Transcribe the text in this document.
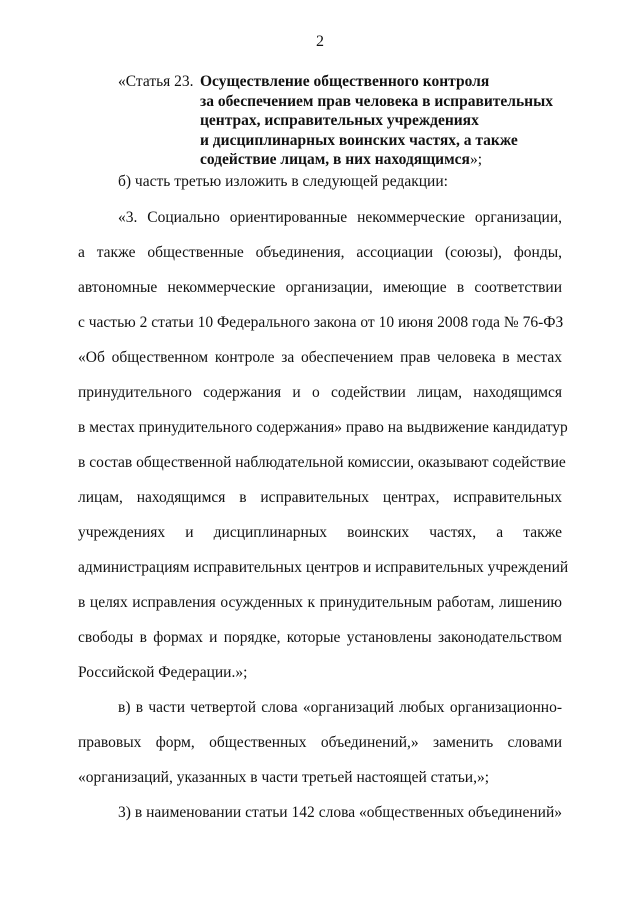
2
«Статья 23. Осуществление общественного контроля
за обеспечением прав человека в исправительных
центрах, исправительных учреждениях
и дисциплинарных воинских частях, а также
содействие лицам, в них находящимся»;
б) часть третью изложить в следующей редакции:
«3. Социально ориентированные некоммерческие организации,
а также общественные объединения, ассоциации (союзы), фонды,
автономные некоммерческие организации, имеющие в соответствии
с частью 2 статьи 10 Федерального закона от 10 июня 2008 года № 76-ФЗ
«Об общественном контроле за обеспечением прав человека в местах
принудительного содержания и о содействии лицам, находящимся
в местах принудительного содержания» право на выдвижение кандидатур
в состав общественной наблюдательной комиссии, оказывают содействие
лицам, находящимся в исправительных центрах, исправительных
учреждениях и дисциплинарных воинских частях, а также
администрациям исправительных центров и исправительных учреждений
в целях исправления осужденных к принудительным работам, лишению
свободы в формах и порядке, которые установлены законодательством
Российской Федерации.»;
в) в части четвертой слова «организаций любых организационно-
правовых форм, общественных объединений,» заменить словами
«организаций, указанных в части третьей настоящей статьи,»;
3) в наименовании статьи 142 слова «общественных объединений»
